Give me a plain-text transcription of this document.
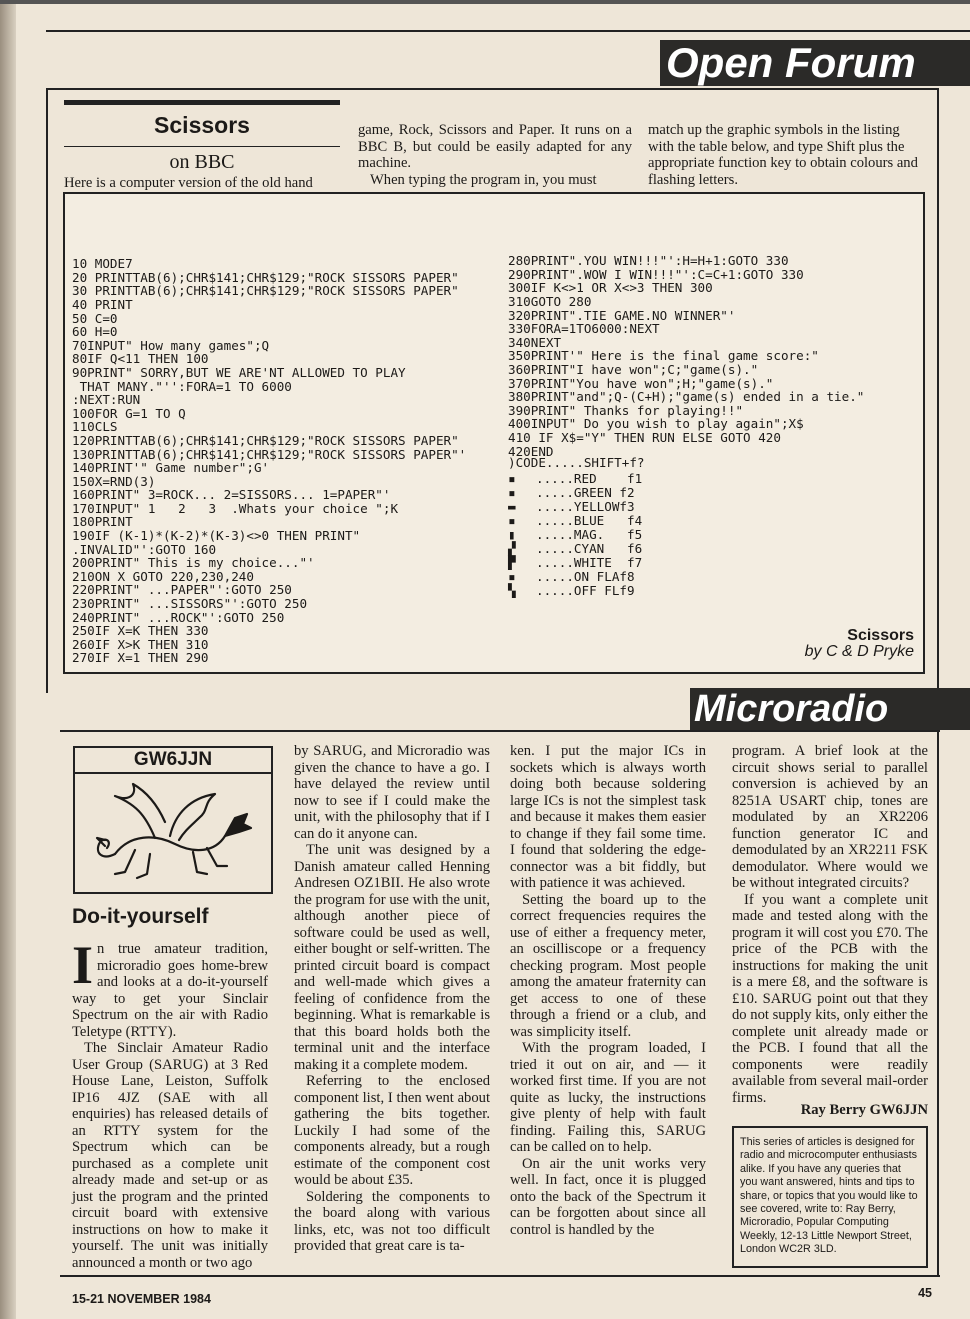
Open Forum
Scissors
on BBC
Here is a computer version of the old hand

game, Rock, Scissors and Paper. It runs on a BBC B, but could be easily adapted for any machine.

When typing the program in, you must

match up the graphic symbols in the listing with the table below, and type Shift plus the appropriate function key to obtain colours and flashing letters.

10 MODE7
20 PRINTTAB(6);CHR$141;CHR$129;"ROCK SISSORS PAPER"
30 PRINTTAB(6);CHR$141;CHR$129;"ROCK SISSORS PAPER"
40 PRINT
50 C=0
60 H=0
70INPUT" How many games";Q
80IF Q<11 THEN 100
90PRINT" SORRY,BUT WE ARE'NT ALLOWED TO PLAY
THAT MANY."'':FORA=1 TO 6000
:NEXT:RUN
100FOR G=1 TO Q
110CLS
120PRINTTAB(6);CHR$141;CHR$129;"ROCK SISSORS PAPER"
130PRINTTAB(6);CHR$141;CHR$129;"ROCK SISSORS PAPER"'
140PRINT'" Game number";G'
150X=RND(3)
160PRINT" 3=ROCK... 2=SISSORS... 1=PAPER"'
170INPUT" 1   2   3  .Whats your choice ";K
180PRINT
190IF (K-1)*(K-2)*(K-3)<>0 THEN PRINT"
.INVALID"':GOTO 160
200PRINT" This is my choice..."'
210ON X GOTO 220,230,240
220PRINT" ...PAPER"':GOTO 250
230PRINT" ...SISSORS"':GOTO 250
240PRINT" ...ROCK"':GOTO 250
250IF X=K THEN 330
260IF X>K THEN 310
270IF X=1 THEN 290

280PRINT".YOU WIN!!!"':H=H+1:GOTO 330
290PRINT".WOW I WIN!!!"':C=C+1:GOTO 330
300IF K<>1 OR X<>3 THEN 300
310GOTO 280
320PRINT".TIE GAME.NO WINNER"'
330FORA=1TO6000:NEXT
340NEXT
350PRINT'" Here is the final game score:"
360PRINT"I have won";C;"game(s)."
370PRINT"You have won";H;"game(s)."
380PRINT"and";Q-(C+H);"game(s) ended in a tie."
390PRINT" Thanks for playing!!"
400INPUT" Do you wish to play again";X$
410 IF X$="Y" THEN RUN ELSE GOTO 420
420END

)CODE.....SHIFT+f?

▪ .....RED    f1
▪ .....GREEN f2
▬ .....YELLOWf3
▪ .....BLUE   f4
▮ .....MAG.   f5
▞ .....CYAN   f6
▛ .....WHITE  f7
▪ .....ON FLAf8
▚ .....OFF FLf9

Scissors
by C & D Pryke
Microradio
GW6JJN
Do-it-yourself

In true amateur tradition, microradio goes home-brew and looks at a do-it-yourself way to get your Sinclair Spectrum on the air with Radio Teletype (RTTY).

The Sinclair Amateur Radio User Group (SARUG) at 3 Red House Lane, Leiston, Suffolk IP16 4JZ (SAE with all enquiries) has released details of an RTTY system for the Spectrum which can be purchased as a complete unit already made and set-up or as just the program and the printed circuit board with extensive instructions on how to make it yourself. The unit was initially announced a month or two ago

by SARUG, and Microradio was given the chance to have a go. I have delayed the review until now to see if I could make the unit, with the philosophy that if I can do it anyone can.

The unit was designed by a Danish amateur called Henning Andresen OZ1BII. He also wrote the program for use with the unit, although another piece of software could be used as well, either bought or self-written. The printed circuit board is compact and well-made which gives a feeling of confidence from the beginning. What is remarkable is that this board holds both the terminal unit and the interface making it a complete modem.

Referring to the enclosed component list, I then went about gathering the bits together. Luckily I had some of the components already, but a rough estimate of the component cost would be about £35.

Soldering the components to the board along with various links, etc, was not too difficult provided that great care is ta-

ken. I put the major ICs in sockets which is always worth doing both because soldering large ICs is not the simplest task and because it makes them easier to change if they fail some time. I found that soldering the edge-connector was a bit fiddly, but with patience it was achieved.

Setting the board up to the correct frequencies requires the use of either a frequency meter, an oscilliscope or a frequency checking program. Most people among the amateur fraternity can get access to one of these through a friend or a club, and was simplicity itself.

With the program loaded, I tried it out on air, and — it worked first time. If you are not quite as lucky, the instructions give plenty of help with fault finding. Failing this, SARUG can be called on to help.

On air the unit works very well. In fact, once it is plugged onto the back of the Spectrum it can be forgotten about since all control is handled by the

program. A brief look at the circuit shows serial to parallel conversion is achieved by an 8251A USART chip, tones are modulated by an XR2206 function generator IC and demodulated by an XR2211 FSK demodulator. Where would we be without integrated circuits?

If you want a complete unit made and tested along with the program it will cost you £70. The price of the PCB with the instructions for making the unit is a mere £8, and the software is £10. SARUG point out that they do not supply kits, only either the complete unit already made or the PCB. I found that all the components were readily available from several mail-order firms.

Ray Berry GW6JJN
This series of articles is designed for radio and microcomputer enthusiasts alike. If you have any queries that you want answered, hints and tips to share, or topics that you would like to see covered, write to: Ray Berry, Microradio, Popular Computing Weekly, 12-13 Little Newport Street, London WC2R 3LD.
15-21 NOVEMBER 1984	45
